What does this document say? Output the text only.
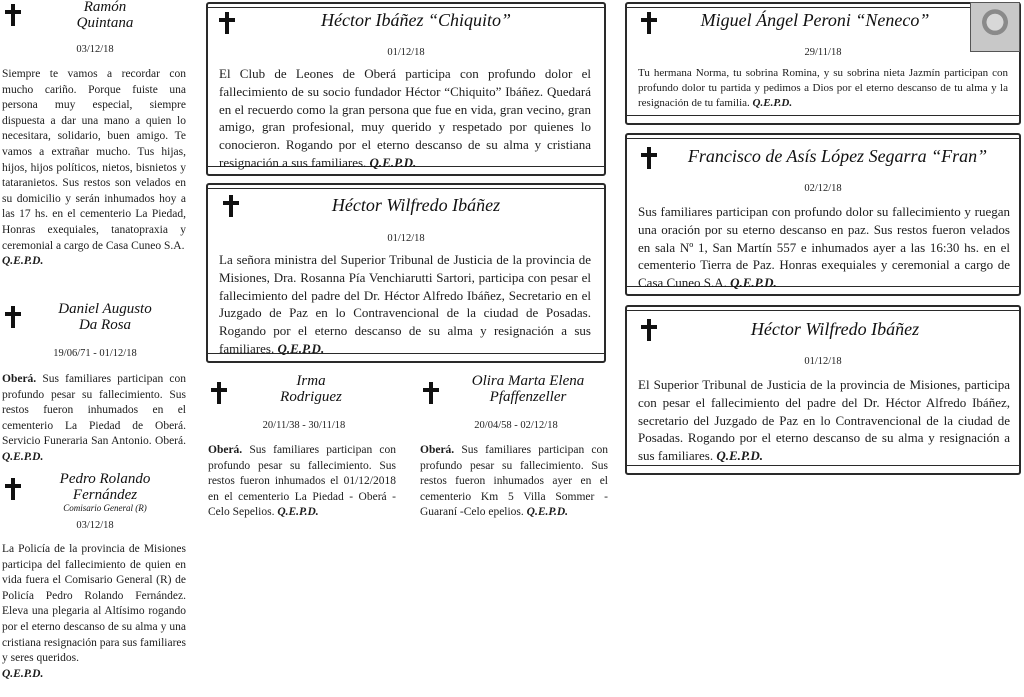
Ramón
Quintana
03/12/18
Siempre te vamos a recordar con mucho cariño. Porque fuiste una persona muy especial, siempre dispuesta a dar una mano a quien lo necesitara, solidario, buen amigo. Te vamos a extrañar mucho. Tus hijas, hijos, hijos políticos, nietos, bisnietos y tataranietos. Sus restos son velados en su domicilio y serán inhumados hoy a las 17 hs. en el cementerio La Piedad, Honras exequiales, tanatopraxia y ceremonial a cargo de Casa Cuneo S.A.
Q.E.P.D.
Daniel Augusto
Da Rosa
19/06/71 - 01/12/18
Oberá. Sus familiares participan con profundo pesar su fallecimiento. Sus restos fueron inhumados en el cementerio La Piedad de Oberá. Servicio Funeraria San Antonio. Oberá. Q.E.P.D.
Pedro Rolando
Fernández
Comisario General (R)
03/12/18
La Policía de la provincia de Misiones participa del fallecimiento de quien en vida fuera el Comisario General (R) de Policía Pedro Rolando Fernández. Eleva una plegaria al Altísimo rogando por el eterno descanso de su alma y una cristiana resignación para sus familiares y seres queridos.
Q.E.P.D.
Héctor Ibáñez “Chiquito”
01/12/18
El Club de Leones de Oberá participa con profundo dolor el fallecimiento de su socio fundador Héctor “Chiquito” Ibáñez. Quedará en el recuerdo como la gran persona que fue en vida, gran vecino, gran amigo, gran profesional, muy querido y respetado por quienes lo conocieron. Rogando por el eterno descanso de su alma y cristiana resignación a sus familiares. Q.E.P.D.
Héctor Wilfredo Ibáñez
01/12/18
La señora ministra del Superior Tribunal de Justicia de la provincia de Misiones, Dra. Rosanna Pía Venchiarutti Sartori, participa con pesar el fallecimiento del padre del Dr. Héctor Alfredo Ibáñez, Secretario en el Juzgado de Paz en lo Contravencional de la ciudad de Posadas. Rogando por el eterno descanso de su alma y resignación a sus familiares. Q.E.P.D.
Irma
Rodriguez
20/11/38 - 30/11/18
Oberá. Sus familiares participan con profundo pesar su fallecimiento. Sus restos fueron inhumados el 01/12/2018 en el cementerio La Piedad - Oberá - Celo Sepelios. Q.E.P.D.
Olira Marta Elena
Pfaffenzeller
20/04/58 - 02/12/18
Oberá. Sus familiares participan con profundo pesar su fallecimiento. Sus restos fueron inhumados ayer en el cementerio Km 5 Villa Sommer - Guaraní -Celo epelios. Q.E.P.D.
Miguel Ángel Peroni “Neneco”
29/11/18
Tu hermana Norma, tu sobrina Romina, y su sobrina nieta Jazmín participan con profundo dolor tu partida y pedimos a Dios por el eterno descanso de tu alma y la resignación de tu familia. Q.E.P.D.
Francisco de Asís López Segarra “Fran”
02/12/18
Sus familiares participan con profundo dolor su fallecimiento y ruegan una oración por su eterno descanso en paz. Sus restos fueron velados en sala Nº 1, San Martín 557 e inhumados ayer a las 16:30 hs. en el cementerio Tierra de Paz. Honras exequiales y ceremonial a cargo de Casa Cuneo S.A. Q.E.P.D.
Héctor Wilfredo Ibáñez
01/12/18
El Superior Tribunal de Justicia de la provincia de Misiones, participa con pesar el fallecimiento del padre del Dr. Héctor Alfredo Ibáñez, secretario del Juzgado de Paz en lo Contravencional de la ciudad de Posadas. Rogando por el eterno descanso de su alma y resignación a sus familiares. Q.E.P.D.
